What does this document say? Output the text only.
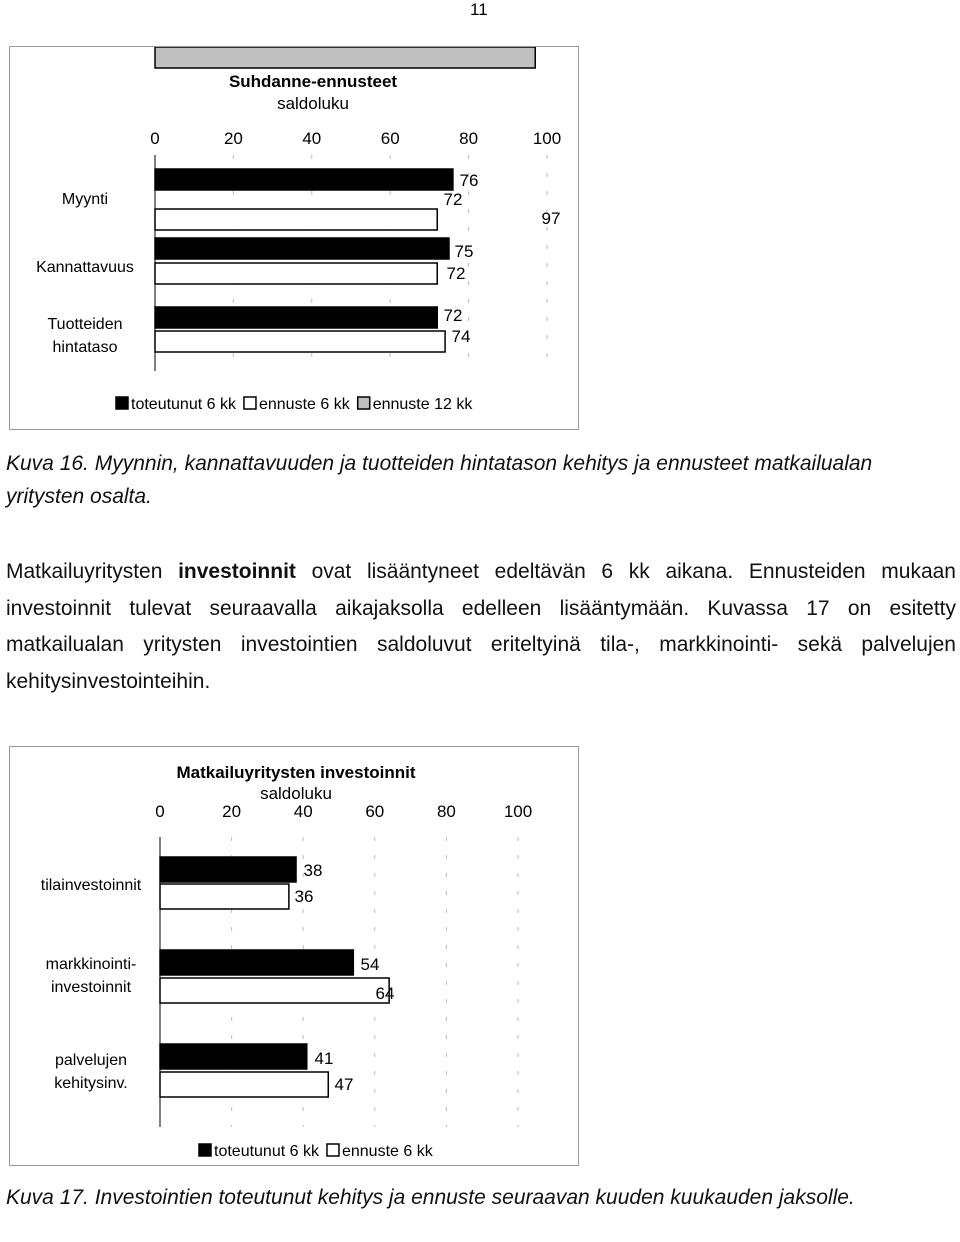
11
Suhdanne-ennusteet
saldoluku
0	20	40	60	80	100
Myynti
Kannattavuus
Tuotteiden
hintataso
76
72
97
75
72
72
74
toteutunut 6 kk ennuste 6 kk ennuste 12 kk
Kuva 16. Myynnin, kannattavuuden ja tuotteiden hintatason kehitys ja ennusteet matkailualan yritysten osalta.
Matkailuyritysten investoinnit ovat lisääntyneet edeltävän 6 kk aikana. Ennusteiden mukaan investoinnit tulevat seuraavalla aikajaksolla edelleen lisääntymään. Kuvassa 17 on esitetty matkailualan yritysten investointien saldoluvut eriteltyinä tila-, markkinointi- sekä palvelujen kehitysinvestointeihin.
Matkailuyritysten investoinnit
saldoluku
0	20	40	60	80	100
tilainvestoinnit
markkinointi-
investoinnit
palvelujen
kehitysinv.
38
36
54
64
41
47
toteutunut 6 kk ennuste 6 kk
Kuva 17. Investointien toteutunut kehitys ja ennuste seuraavan kuuden kuukauden jaksolle.
